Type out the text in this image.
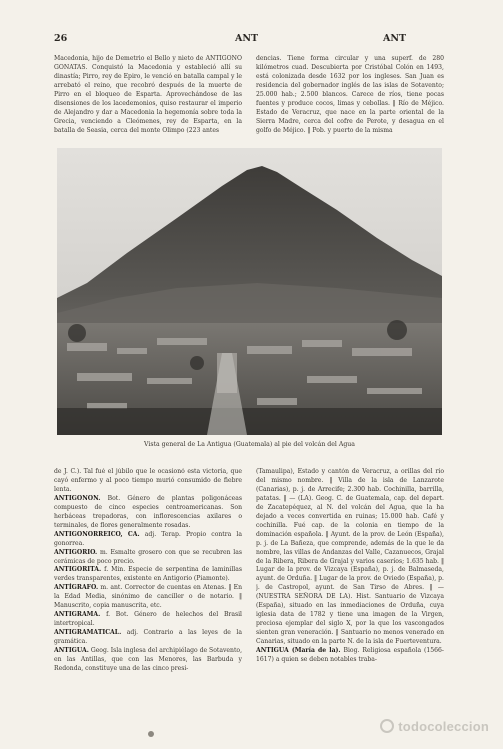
26	ANT	ANT

Macedonia, hijo de Demetrio el Bello y nieto de ANTÍGONO GONATAS. Conquistó la Macedonia y estableció allí su dinastía; Pirro, rey de Epiro, le venció en batalla campal y le arrebató el reino, que recobró después de la muerte de Pirro en el bloqueo de Esparta. Aprovechándose de las disensiones de los lacedemonios, quiso restaurar el imperio de Alejandro y dar a Macedonia la hegemonía sobre toda la Grecia, venciendo a Cleómenes, rey de Esparta, en la batalla de Seasia, cerca del monte Olimpo (223 antes

dencias. Tiene forma circular y una superf. de 280 kilómetros cuad. Descubierta por Cristóbal Colón en 1493, está colonizada desde 1632 por los ingleses. San Juan es residencia del gobernador inglés de las islas de Sotavento; 25.000 hab.; 2.500 blancos. Carece de ríos, tiene pocas fuentes y produce cocos, limas y cebollas. ‖ Río de Méjico. Estado de Veracruz, que nace en la parte oriental de la Sierra Madre, cerca del cofre de Perote, y desagua en el golfo de Méjico. ‖ Pob. y puerto de la misma

Vista general de La Antigua (Guatemala) al pie del volcán del Agua

de J. C.). Tal fué el júbilo que le ocasionó esta victoria, que cayó enfermo y al poco tiempo murió consumido de fiebre lenta.

ANTIGONON. Bot. Género de plantas poligonáceas compuesto de cinco especies centroamericanas. Son herbáceas trepadoras, con inflorescencias axilares o terminales, de flores generalmente rosadas.

ANTIGONORREICO, CA. adj. Terap. Propio contra la gonorrea.

ANTIGORIO. m. Esmalte grosero con que se recubren las cerámicas de poco precio.

ANTIGORITA. f. Min. Especie de serpentina de laminillas verdes transparentes, existente en Antigorio (Piamonte).

ANTÍGRAFO. m. ant. Corrector de cuentas en Atenas. ‖ En la Edad Media, sinónimo de canciller o de notario. ‖ Manuscrito, copia manuscrita, etc.

ANTIGRAMA. f. Bot. Género de helechos del Brasil intertropical.

ANTIGRAMATICAL. adj. Contrario a las leyes de la gramática.

ANTIGUA. Geog. Isla inglesa del archipiélago de Sotavento, en las Antillas, que con las Menores, las Barbuda y Redonda, constituye una de las cinco presi-

(Tamaulipa), Estado y cantón de Veracruz, a orillas del río del mismo nombre. ‖ Villa de la isla de Lanzarote (Canarias), p. j. de Arrecife; 2.300 hab. Cochinilla, barrilla, patatas. ‖ — (LA). Geog. C. de Guatemala, cap. del depart. de Zacatepéquez, al N. del volcán del Agua, que la ha dejado a veces convertida en ruinas; 15.000 hab. Café y cochinilla. Fué cap. de la colonia en tiempo de la dominación española. ‖ Ayunt. de la prov. de León (España), p. j. de La Bañeza, que comprende, además de la que le da nombre, las villas de Andanzas del Valle, Cazanuecos, Grajal de la Ribera, Ribera de Grajal y varios caseríos; 1.635 hab. ‖ Lugar de la prov. de Vizcaya (España), p. j. de Balmaseda, ayunt. de Orduña. ‖ Lugar de la prov. de Oviedo (España), p. j. de Castropol, ayunt. de San Tirso de Abres. ‖ — (NUESTRA SEÑORA DE LA). Hist. Santuario de Vizcaya (España), situado en las inmediaciones de Orduña, cuya iglesia data de 1782 y tiene una imagen de la Virgen, preciosa ejemplar del siglo X, por la que los vascongados sienten gran veneración. ‖ Santuario no menos venerado en Canarias, situado en la parte N. de la isla de Fuerteventura.

ANTIGUA (María de la). Biog. Religiosa española (1566-1617) a quien se deben notables traba-

todocoleccion
